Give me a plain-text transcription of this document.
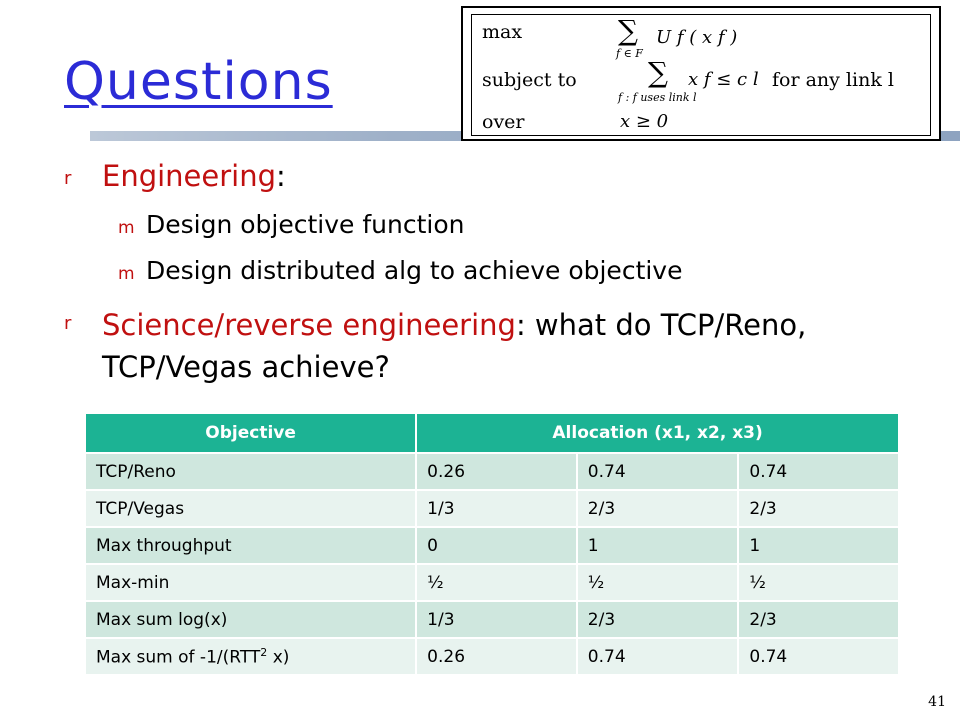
Questions
max	∑
f ∈ F
U f ( x f )
subject to	∑
f : f uses link l
x f ≤ c l for any link l
over	x ≥ 0
r Engineering:
m Design objective function
m Design distributed alg to achieve objective
r Science/reverse engineering: what do TCP/Reno, TCP/Vegas achieve?
Objective	Allocation (x1, x2, x3)		
TCP/Reno	0.26	0.74	0.74
TCP/Vegas	1/3	2/3	2/3
Max throughput	0	1	1
Max-min	½	½	½
Max sum log(x)	1/3	2/3	2/3
Max sum of -1/(RTT$^2$ x)	0.26	0.74	0.74
41
